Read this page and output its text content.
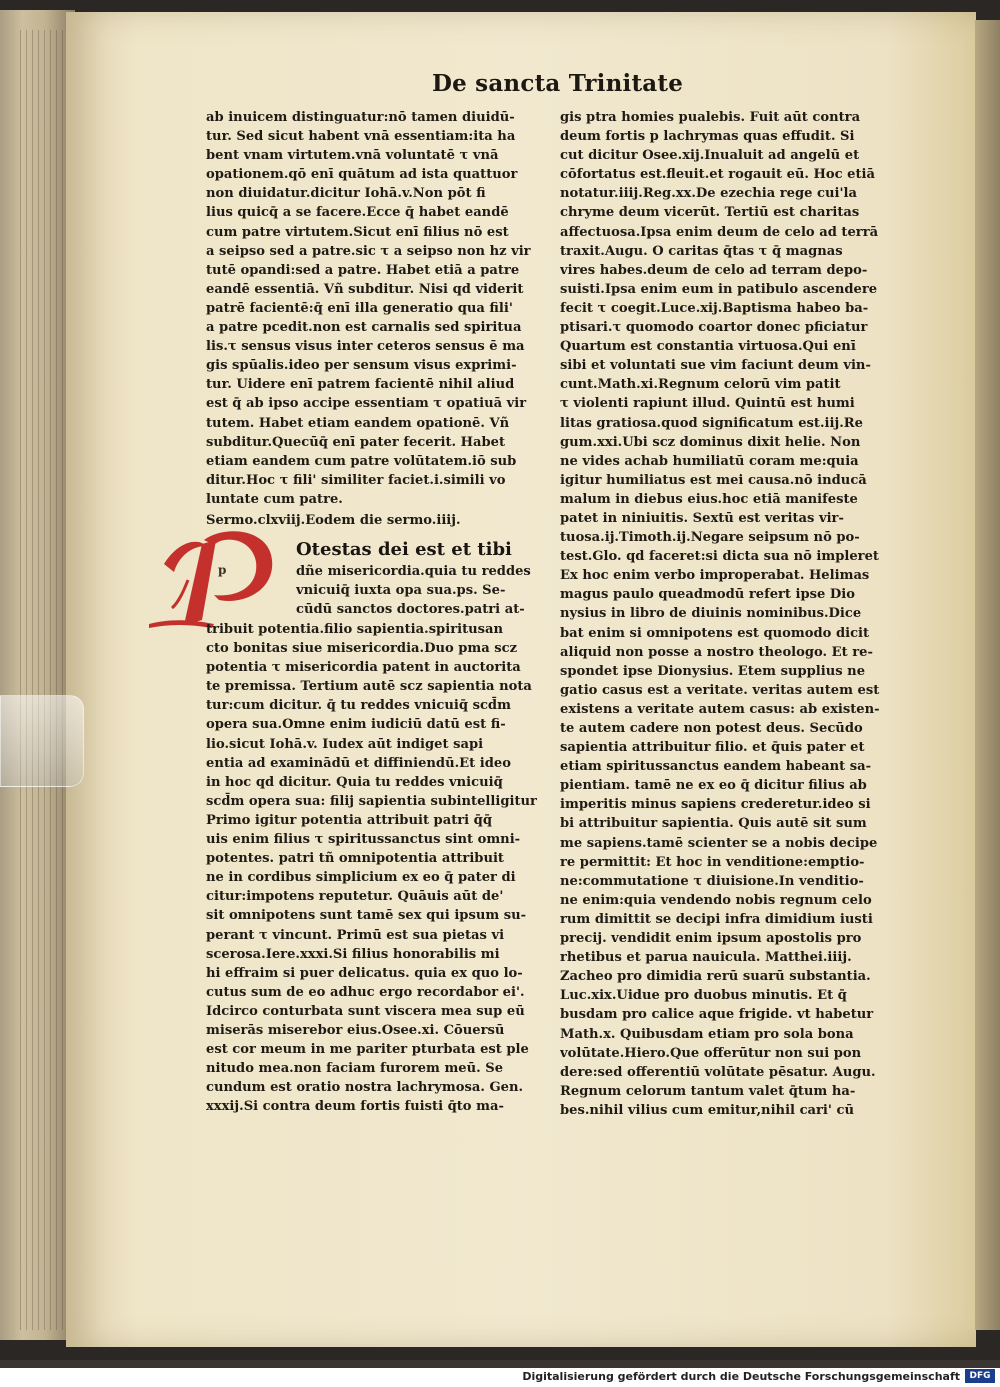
De sancta Trinitate
ab inuicem distinguatur:nō tamen diuidū-
tur. Sed sicut habent vnā essentiam:ita ha
bent vnam virtutem.vnā voluntatē τ vnā
opationem.qō enī quātum ad ista quattuor
non diuidatur.dicitur Iohā.v.Non pōt fi
lius quicq̄ a se facere.Ecce q̄ habet eandē
cum patre virtutem.Sicut enī filius nō est
a seipso sed a patre.sic τ a seipso non hz vir
tutē opandi:sed a patre. Habet etiā a patre
eandē essentiā. Vñ subditur. Nisi qd viderit
patrē facientē:q̄ enī illa generatio qua fili'
a patre pcedit.non est carnalis sed spiritua
lis.τ sensus visus inter ceteros sensus ē ma
gis spūalis.ideo per sensum visus exprimi-
tur. Uidere enī patrem facientē nihil aliud
est q̄ ab ipso accipe essentiam τ opatiuā vir
tutem. Habet etiam eandem opationē. Vñ
subditur.Quecūq̄ enī pater fecerit. Habet
etiam eandem cum patre volūtatem.iō sub
ditur.Hoc τ fili' similiter faciet.i.simili vo
luntate cum patre.
Sermo.clxviij.Eodem die sermo.iiij.
p
Otestas dei est et tibi
dñe misericordia.quia tu reddes
vnicuiq̄ iuxta opa sua.ps. Se-
cūdū sanctos doctores.patri at-
tribuit potentia.filio sapientia.spiritusan
cto bonitas siue misericordia.Duo pma scz
potentia τ misericordia patent in auctorita
te premissa. Tertium autē scz sapientia nota
tur:cum dicitur. q̄ tu reddes vnicuiq̄ scd̄m
opera sua.Omne enim iudiciū datū est fi-
lio.sicut Iohā.v. Iudex aūt indiget sapi
entia ad examinādū et diffiniendū.Et ideo
in hoc qd dicitur. Quia tu reddes vnicuiq̄
scd̄m opera sua: filij sapientia subintelligitur
Primo igitur potentia attribuit patri q̄q̄
uis enim filius τ spiritussanctus sint omni-
potentes. patri tñ omnipotentia attribuit
ne in cordibus simplicium ex eo q̄ pater di
citur:impotens reputetur. Quāuis aūt de'
sit omnipotens sunt tamē sex qui ipsum su-
perant τ vincunt. Primū est sua pietas vi
scerosa.Iere.xxxi.Si filius honorabilis mi
hi effraim si puer delicatus. quia ex quo lo-
cutus sum de eo adhuc ergo recordabor ei'.
Idcirco conturbata sunt viscera mea sup eū
miserās miserebor eius.Osee.xi. Cōuersū
est cor meum in me pariter pturbata est ple
nitudo mea.non faciam furorem meū. Se
cundum est oratio nostra lachrymosa. Gen.
xxxij.Si contra deum fortis fuisti q̄to ma-
gis ptra homies pualebis. Fuit aūt contra
deum fortis p lachrymas quas effudit. Si
cut dicitur Osee.xij.Inualuit ad angelū et
cōfortatus est.fleuit.et rogauit eū. Hoc etiā
notatur.iiij.Reg.xx.De ezechia rege cui'la
chryme deum vicerūt. Tertiū est charitas
affectuosa.Ipsa enim deum de celo ad terrā
traxit.Augu. O caritas q̄tas τ q̄ magnas
vires habes.deum de celo ad terram depo-
suisti.Ipsa enim eum in patibulo ascendere
fecit τ coegit.Luce.xij.Baptisma habeo ba-
ptisari.τ quomodo coartor donec pficiatur
Quartum est constantia virtuosa.Qui enī
sibi et voluntati sue vim faciunt deum vin-
cunt.Math.xi.Regnum celorū vim patit
τ violenti rapiunt illud. Quintū est humi
litas gratiosa.quod significatum est.iij.Re
gum.xxi.Ubi scz dominus dixit helie. Non
ne vides achab humiliatū coram me:quia
igitur humiliatus est mei causa.nō inducā
malum in diebus eius.hoc etiā manifeste
patet in niniuitis. Sextū est veritas vir-
tuosa.ij.Timoth.ij.Negare seipsum nō po-
test.Glo. qd faceret:si dicta sua nō impleret
Ex hoc enim verbo improperabat. Helimas
magus paulo queadmodū refert ipse Dio
nysius in libro de diuinis nominibus.Dice
bat enim si omnipotens est quomodo dicit
aliquid non posse a nostro theologo. Et re-
spondet ipse Dionysius. Etem supplius ne
gatio casus est a veritate. veritas autem est
existens a veritate autem casus: ab existen-
te autem cadere non potest deus. Secūdo
sapientia attribuitur filio. et q̄uis pater et
etiam spiritussanctus eandem habeant sa-
pientiam. tamē ne ex eo q̄ dicitur filius ab
imperitis minus sapiens crederetur.ideo si
bi attribuitur sapientia. Quis autē sit sum
me sapiens.tamē scienter se a nobis decipe
re permittit: Et hoc in venditione:emptio-
ne:commutatione τ diuisione.In venditio-
ne enim:quia vendendo nobis regnum celo
rum dimittit se decipi infra dimidium iusti
precij. vendidit enim ipsum apostolis pro
rhetibus et parua nauicula. Matthei.iiij.
Zacheo pro dimidia rerū suarū substantia.
Luc.xix.Uidue pro duobus minutis. Et q̄
busdam pro calice aque frigide. vt habetur
Math.x. Quibusdam etiam pro sola bona
volūtate.Hiero.Que offerūtur non sui pon
dere:sed offerentiū volūtate pēsatur. Augu.
Regnum celorum tantum valet q̄tum ha-
bes.nihil vilius cum emitur,nihil cari' cū
Digitalisierung gefördert durch die Deutsche Forschungsgemeinschaft	DFG
